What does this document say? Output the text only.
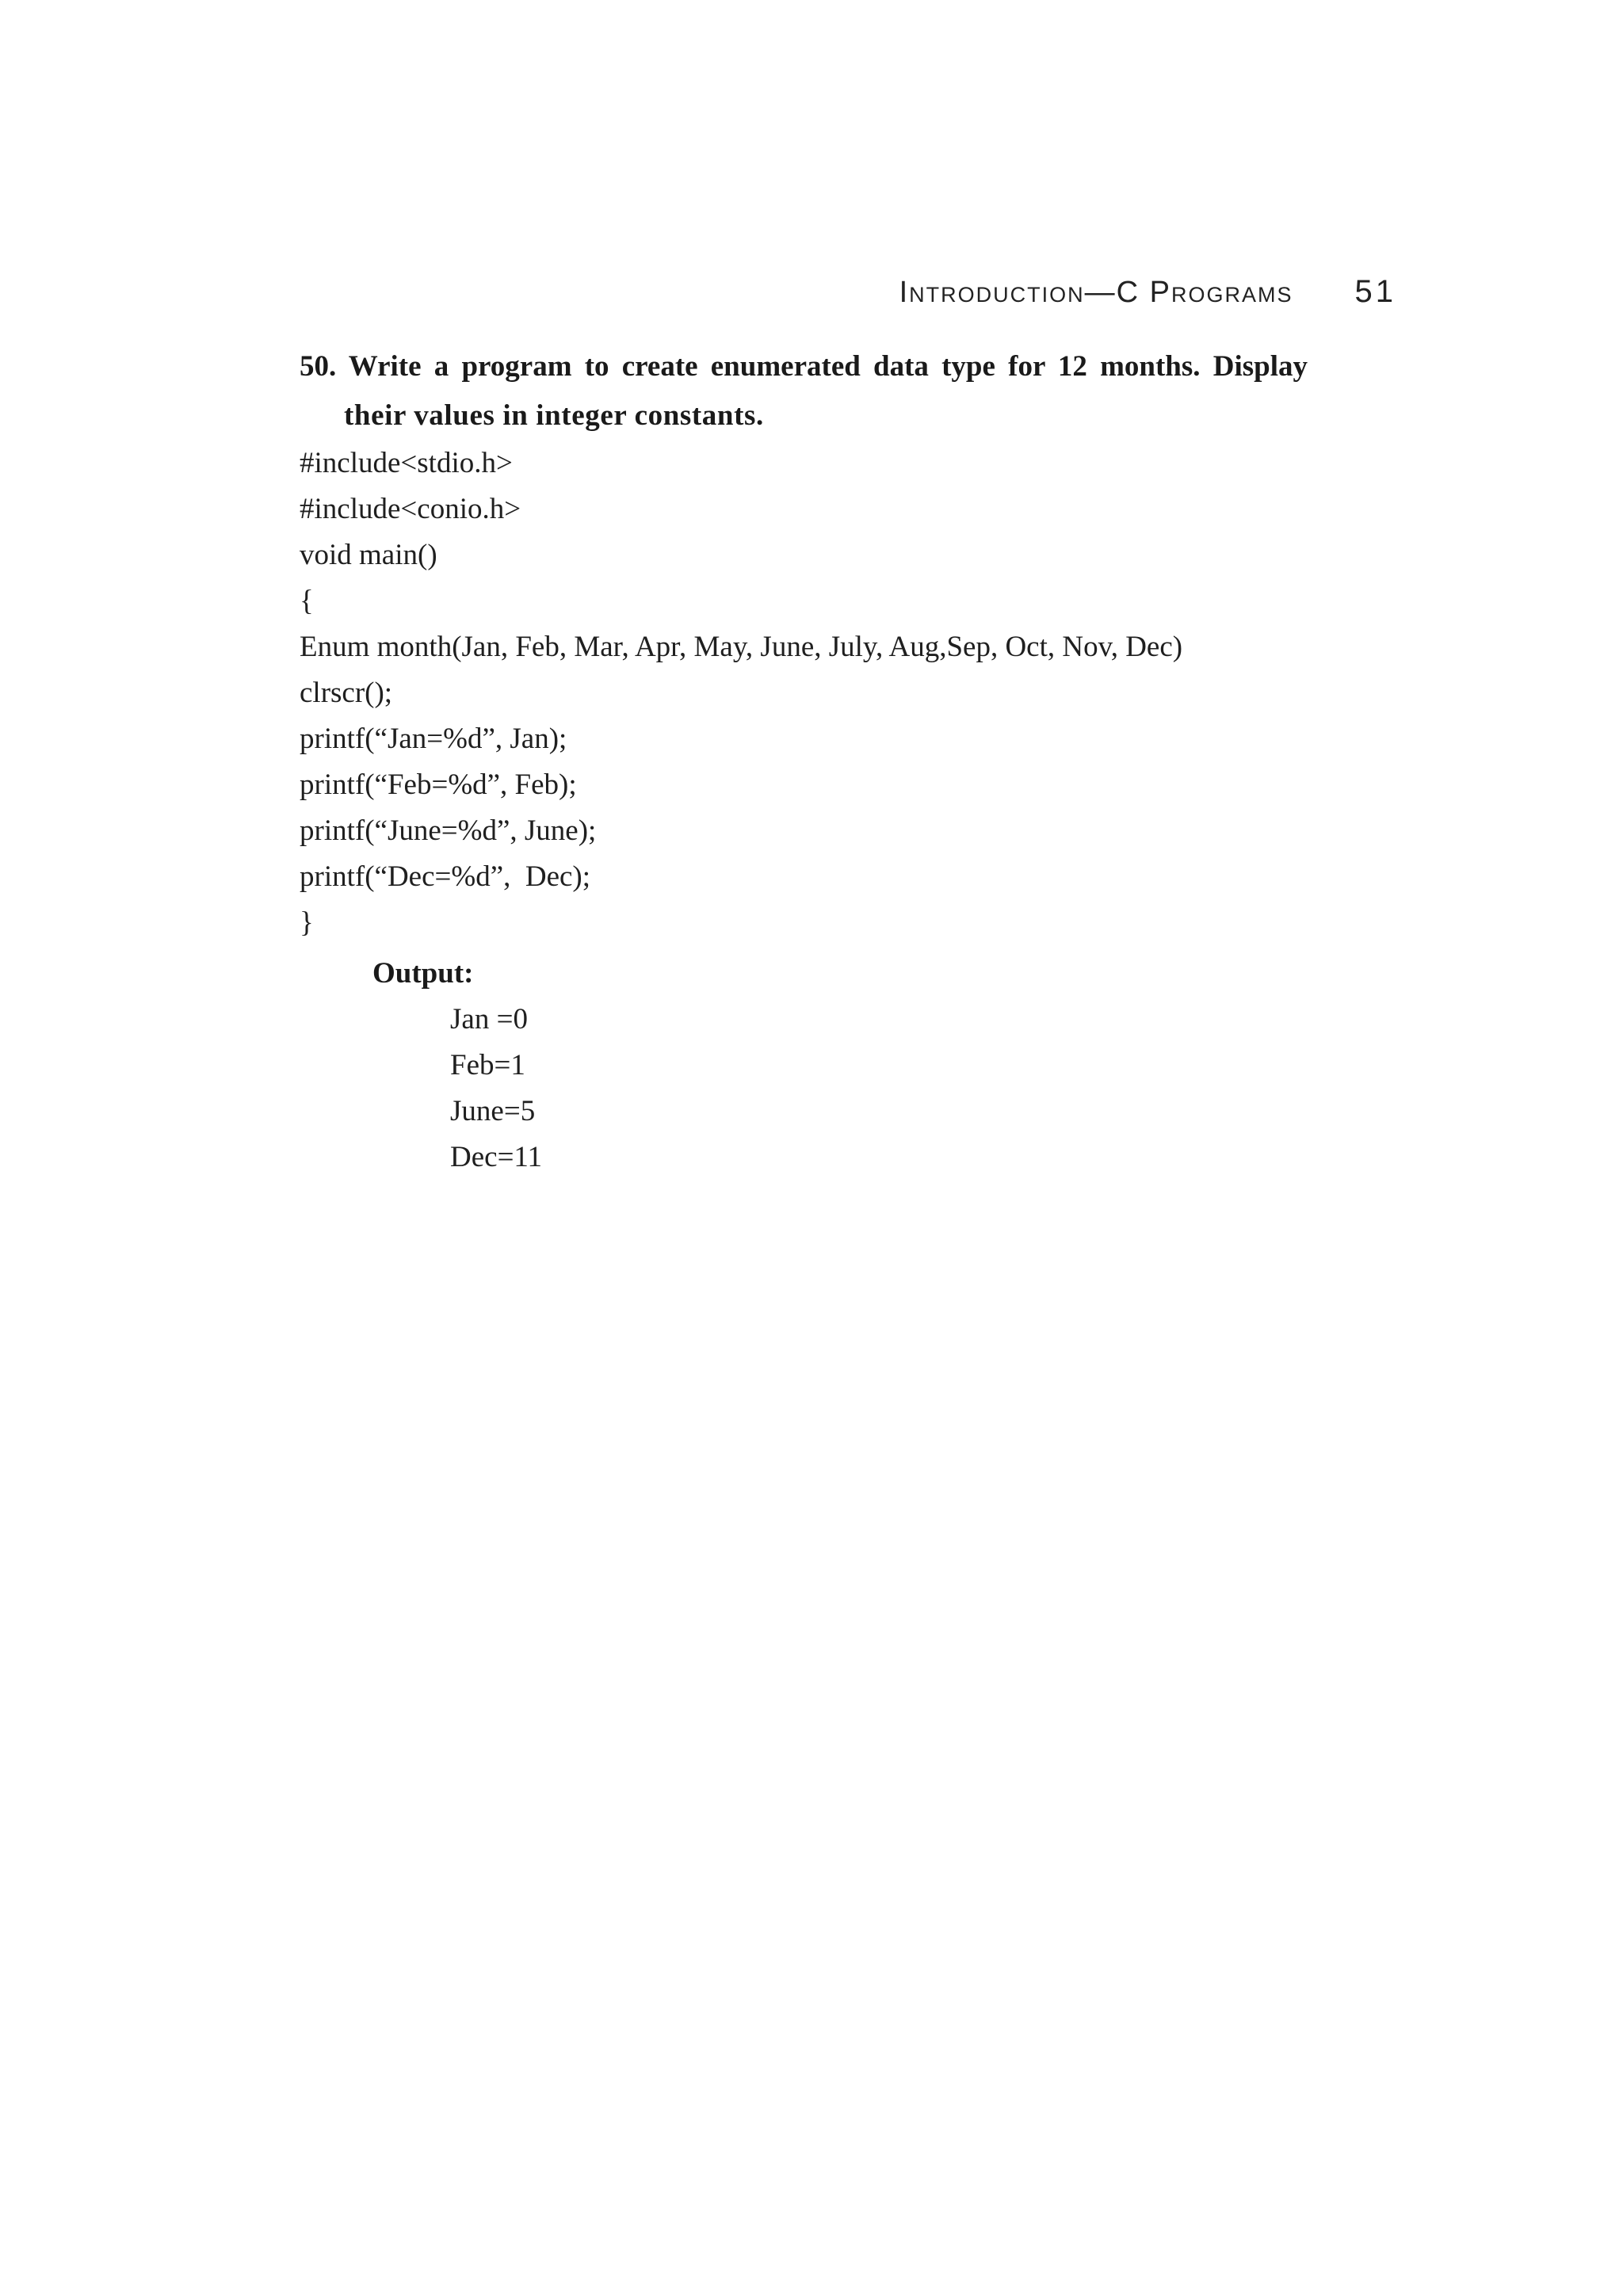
Introduction—C Programs 51
50. Write a program to create enumerated data type for 12 months. Display
their values in integer constants.
#include<stdio.h>
#include<conio.h>
void main()
{
Enum month(Jan, Feb, Mar, Apr, May, June, July, Aug,Sep, Oct, Nov, Dec)
clrscr();
printf(“Jan=%d”, Jan);
printf(“Feb=%d”, Feb);
printf(“June=%d”, June);
printf(“Dec=%d”,  Dec);
}
Output:
Jan =0
Feb=1
June=5
Dec=11
